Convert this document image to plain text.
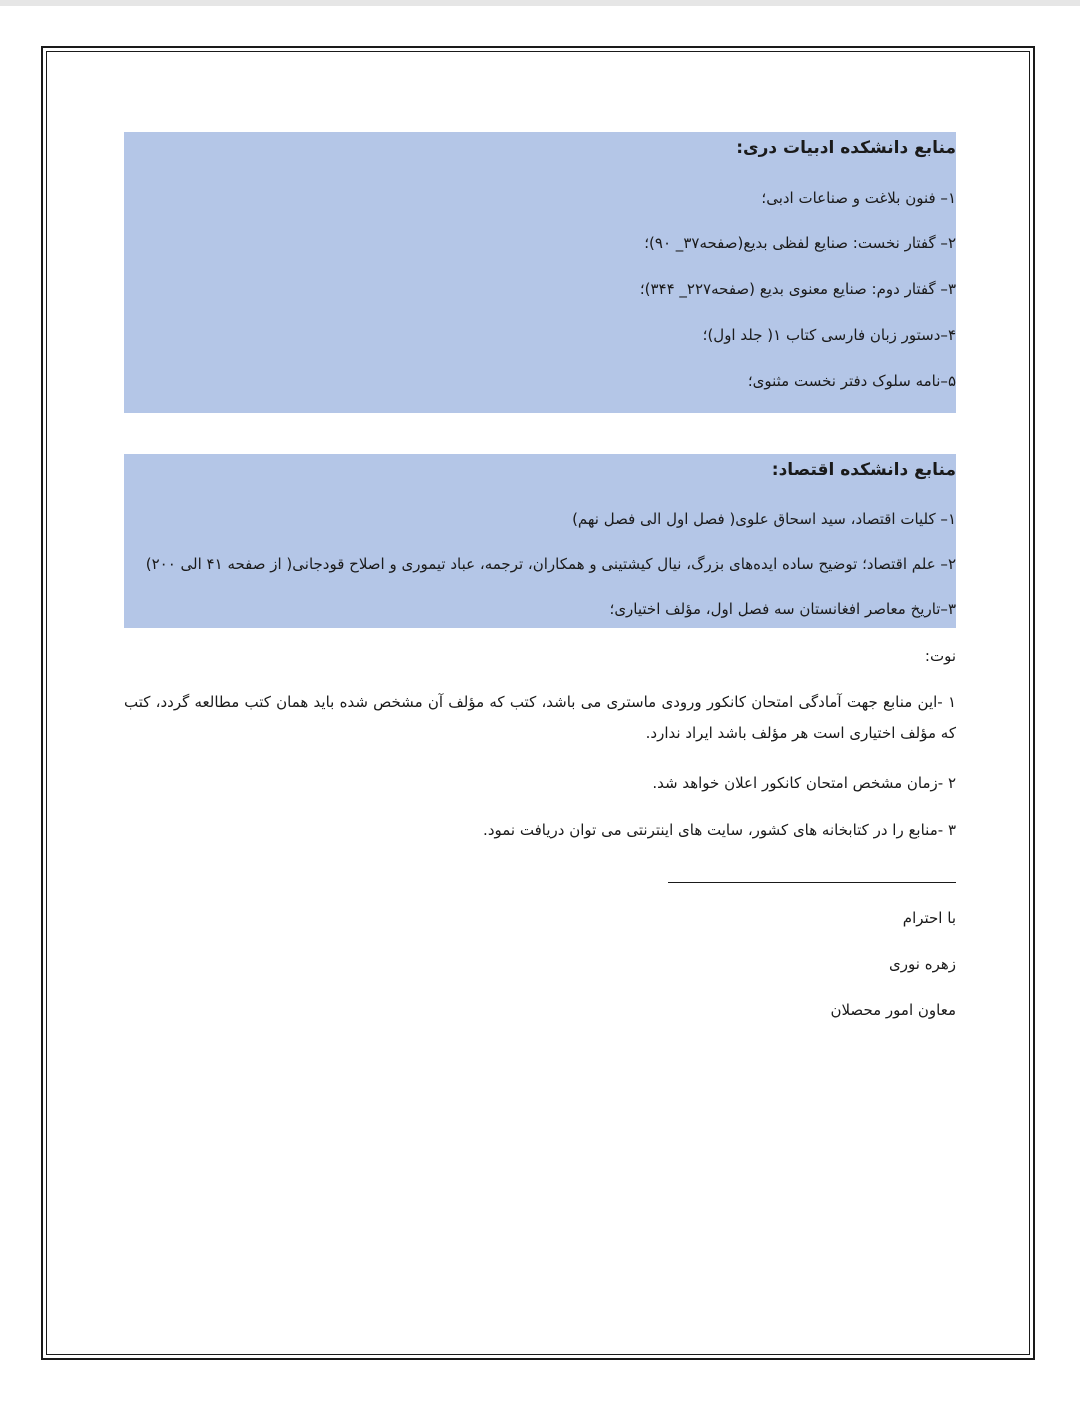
منابع دانشکده ادبیات دری:
۱– فنون بلاغت و صناعات ادبی؛
۲– گفتار نخست: صنایع لفظی بدیع(صفحه۳۷_ ۹۰)؛
۳– گفتار دوم: صنایع معنوی بدیع (صفحه۲۲۷_ ۳۴۴)؛
۴–دستور زبان فارسی کتاب ۱( جلد اول)؛
۵–نامه سلوک دفتر نخست مثنوی؛
منابع دانشکده اقتصاد:
۱– کلیات اقتصاد، سید اسحاق علوی( فصل اول الی فصل نهم)
۲– علم اقتصاد؛ توضیح ساده ایده‌های بزرگ، نیال کیشتینی و همکاران، ترجمه، عباد تیموری و اصلاح قودجانی( از صفحه ۴۱ الی ۲۰۰)
۳–تاریخ معاصر افغانستان سه فصل اول، مؤلف اختیاری؛
نوت:
۱ -این منابع جهت آمادگی امتحان کانکور ورودی ماستری می باشد، کتب که مؤلف آن مشخص شده باید همان کتب مطالعه گردد، کتب که مؤلف اختیاری است هر مؤلف باشد ایراد ندارد.
۲ -زمان مشخص امتحان کانکور اعلان خواهد شد.
۳ -منابع را در کتابخانه های کشور، سایت های اینترنتی می توان دریافت نمود.
با احترام
زهره نوری
معاون امور محصلان
